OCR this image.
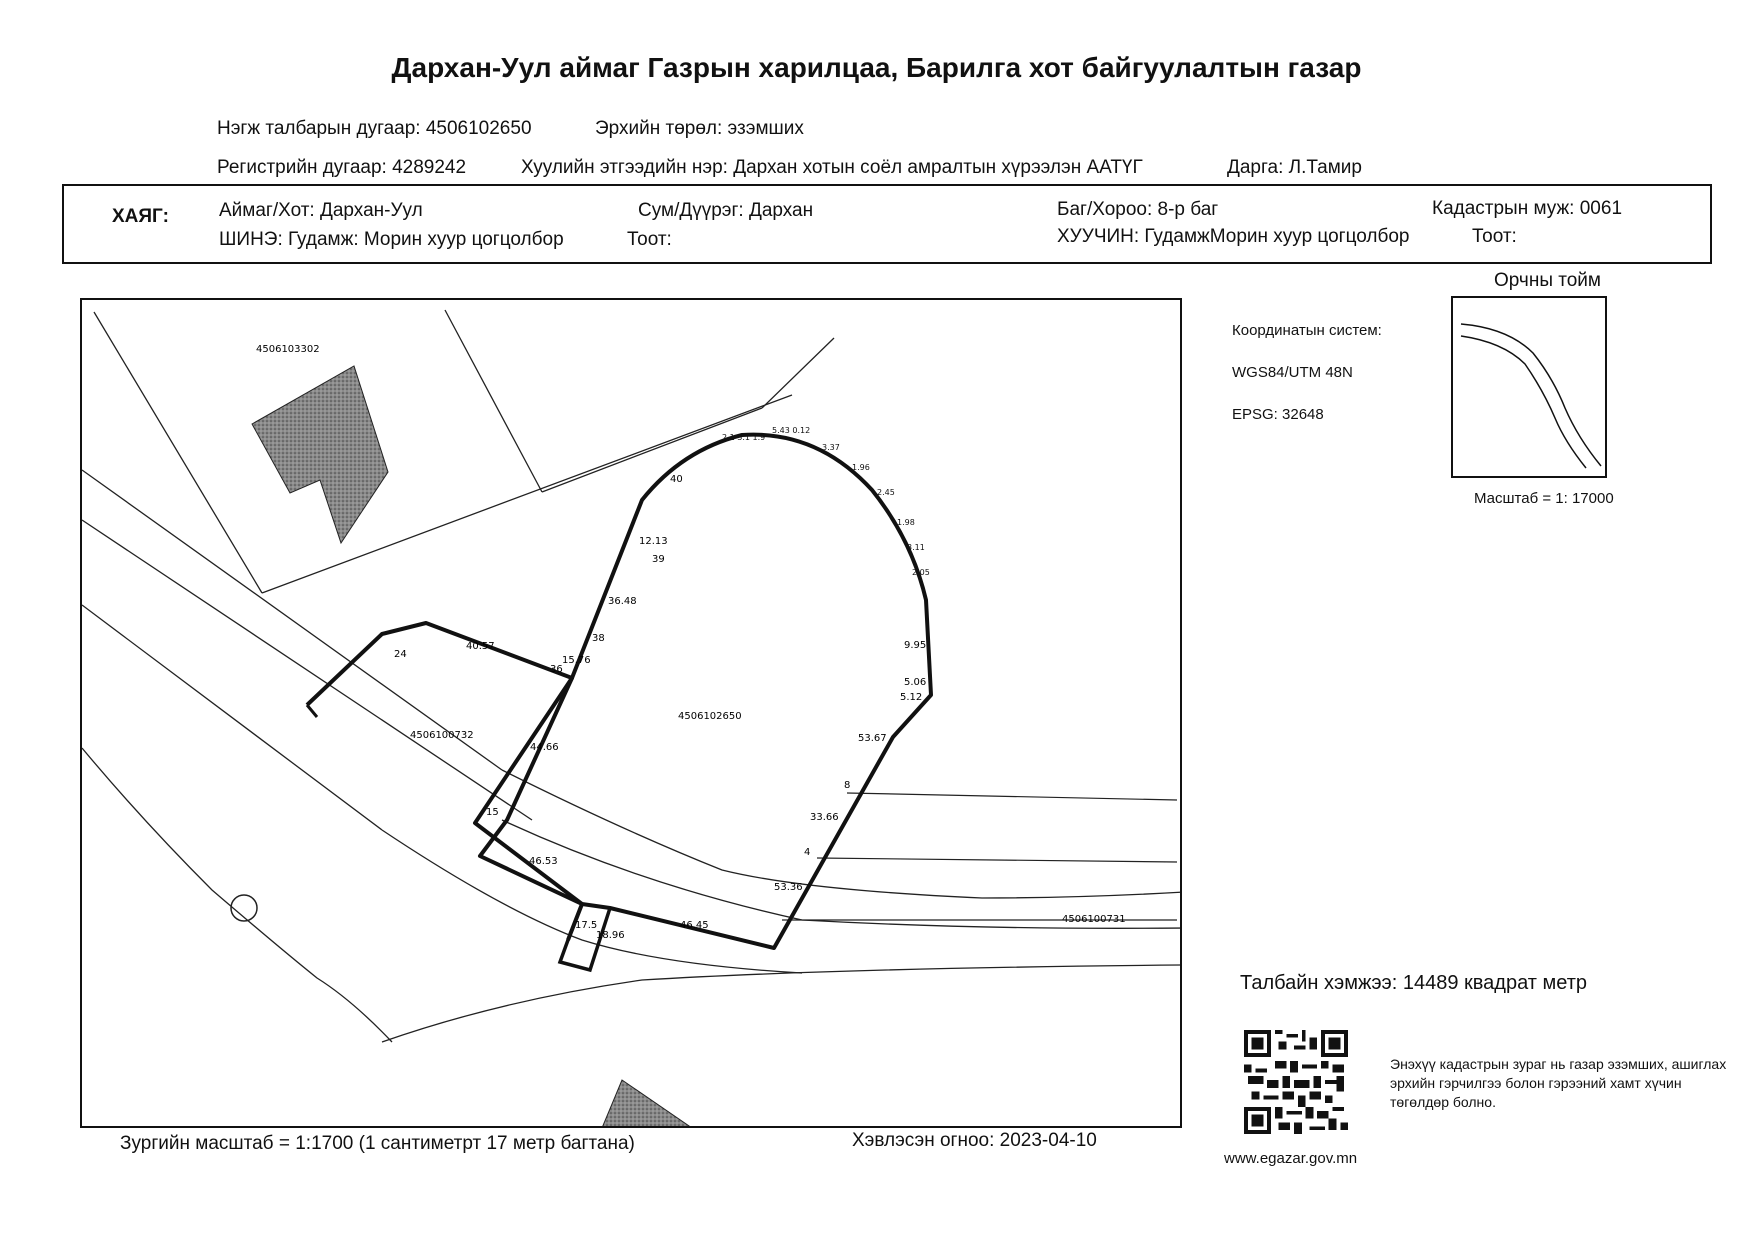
Дархан-Уул аймаг Газрын харилцаа, Барилга хот байгуулалтын газар
Нэгж талбарын дугаар: 4506102650	Эрхийн төрөл: эзэмших
Регистрийн дугаар: 4289242	Хуулийн этгээдийн нэр: Дархан хотын соёл амралтын хүрээлэн ААТҮГ	Дарга: Л.Тамир
ХАЯГ:	Аймаг/Хот: Дархан-Уул	Сум/Дүүрэг: Дархан	Баг/Хороо: 8-р баг	Кадастрын муж: 0061
ШИНЭ: Гудамж: Морин хуур цогцолбор	Тоот:	ХУУЧИН: ГудамжМорин хуур цогцолбор	Тоот:
2.1 3.1 1.9
5.43 0.12
3.37
1.96
2.45
1.98
3.11
2.05
4506103302
4506100732
4506102650
4506100731
12.13
39
36.48
38
15.76
40.57
36
24
44.66
15
46.53
53.67
8
33.66
4
53.36
46.45
18.96
17.5
9.95
5.12
5.06
40
Координатын систем:
WGS84/UTM 48N
EPSG: 32648
Орчны тойм
Масштаб = 1: 17000
Талбайн хэмжээ: 14489 квадрат метр
Энэхүү кадастрын зураг нь газар эзэмших, ашиглах эрхийн гэрчилгээ болон гэрээний хамт хүчин төгөлдөр болно.
www.egazar.gov.mn
Зургийн масштаб = 1:1700 (1 сантиметрт 17 метр багтана)	Хэвлэсэн огноо: 2023-04-10
